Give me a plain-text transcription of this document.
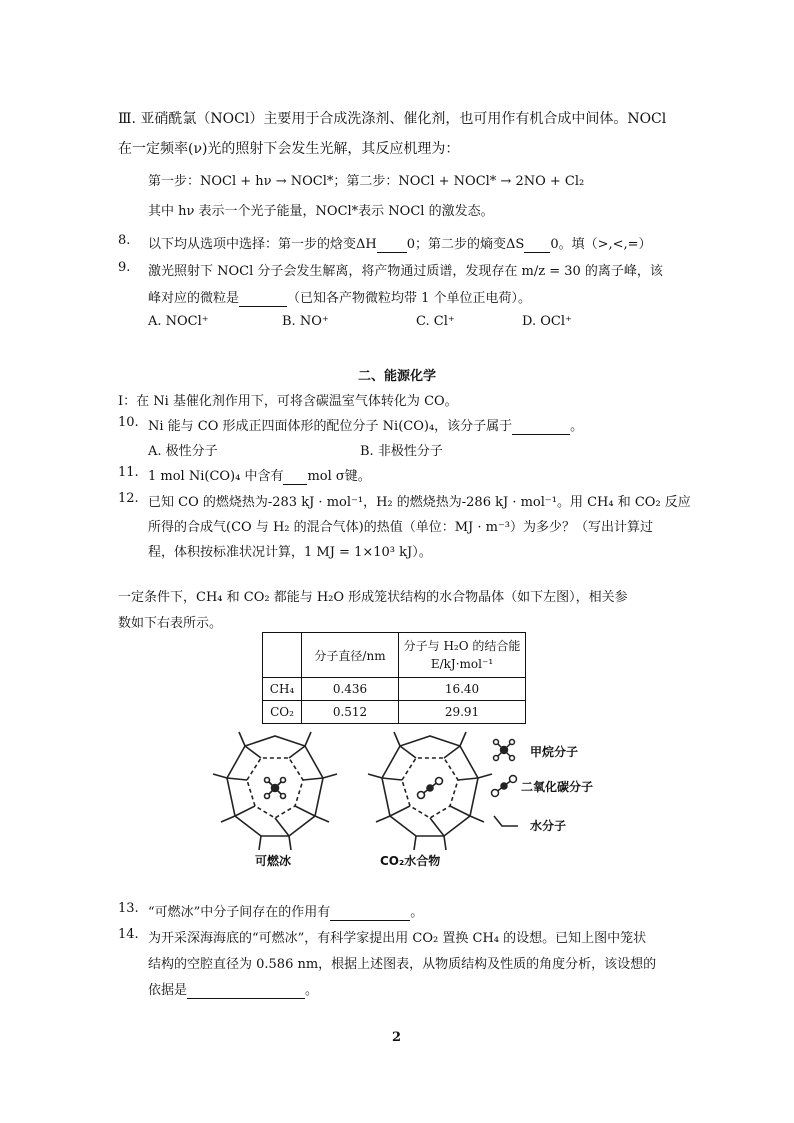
Ⅲ. 亚硝酰氯（NOCl）主要用于合成洗涤剂、催化剂，也可用作有机合成中间体。NOCl
在一定频率(ν)光的照射下会发生光解，其反应机理为：
第一步：NOCl + hν → NOCl*；第二步：NOCl + NOCl* → 2NO + Cl₂
其中 hν 表示一个光子能量，NOCl*表示 NOCl 的激发态。
8. 以下均从选项中选择：第一步的焓变ΔH 0；第二步的熵变ΔS 0。填（>,<,=）
9. 激光照射下 NOCl 分子会发生解离，将产物通过质谱，发现存在 m/z = 30 的离子峰，该
峰对应的微粒是	（已知各产物微粒均带 1 个单位正电荷）。
A. NOCl⁺	B. NO⁺	C. Cl⁺	D. OCl⁺
二、能源化学
Ⅰ：在 Ni 基催化剂作用下，可将含碳温室气体转化为 CO。
10. Ni 能与 CO 形成正四面体形的配位分子 Ni(CO)₄，该分子属于	。
A. 极性分子	B. 非极性分子
11. 1 mol Ni(CO)₄ 中含有 mol σ键。
12. 已知 CO 的燃烧热为-283 kJ · mol⁻¹，H₂ 的燃烧热为-286 kJ · mol⁻¹。用 CH₄ 和 CO₂ 反应
所得的合成气(CO 与 H₂ 的混合气体)的热值（单位：MJ · m⁻³）为多少？（写出计算过
程，体积按标准状况计算，1 MJ = 1×10³ kJ）。
一定条件下，CH₄ 和 CO₂ 都能与 H₂O 形成笼状结构的水合物晶体（如下左图），相关参
数如下右表所示。
	分子直径/nm	分子与 H₂O 的结合能 E/kJ·mol⁻¹
CH₄	0.436	16.40
CO₂	0.512	29.91
甲烷分子
二氧化碳分子
水分子
可燃冰	CO₂水合物
13. “可燃冰”中分子间存在的作用有	。
14. 为开采深海海底的“可燃冰”，有科学家提出用 CO₂ 置换 CH₄ 的设想。已知上图中笼状
结构的空腔直径为 0.586 nm，根据上述图表，从物质结构及性质的角度分析，该设想的
依据是	。
2
